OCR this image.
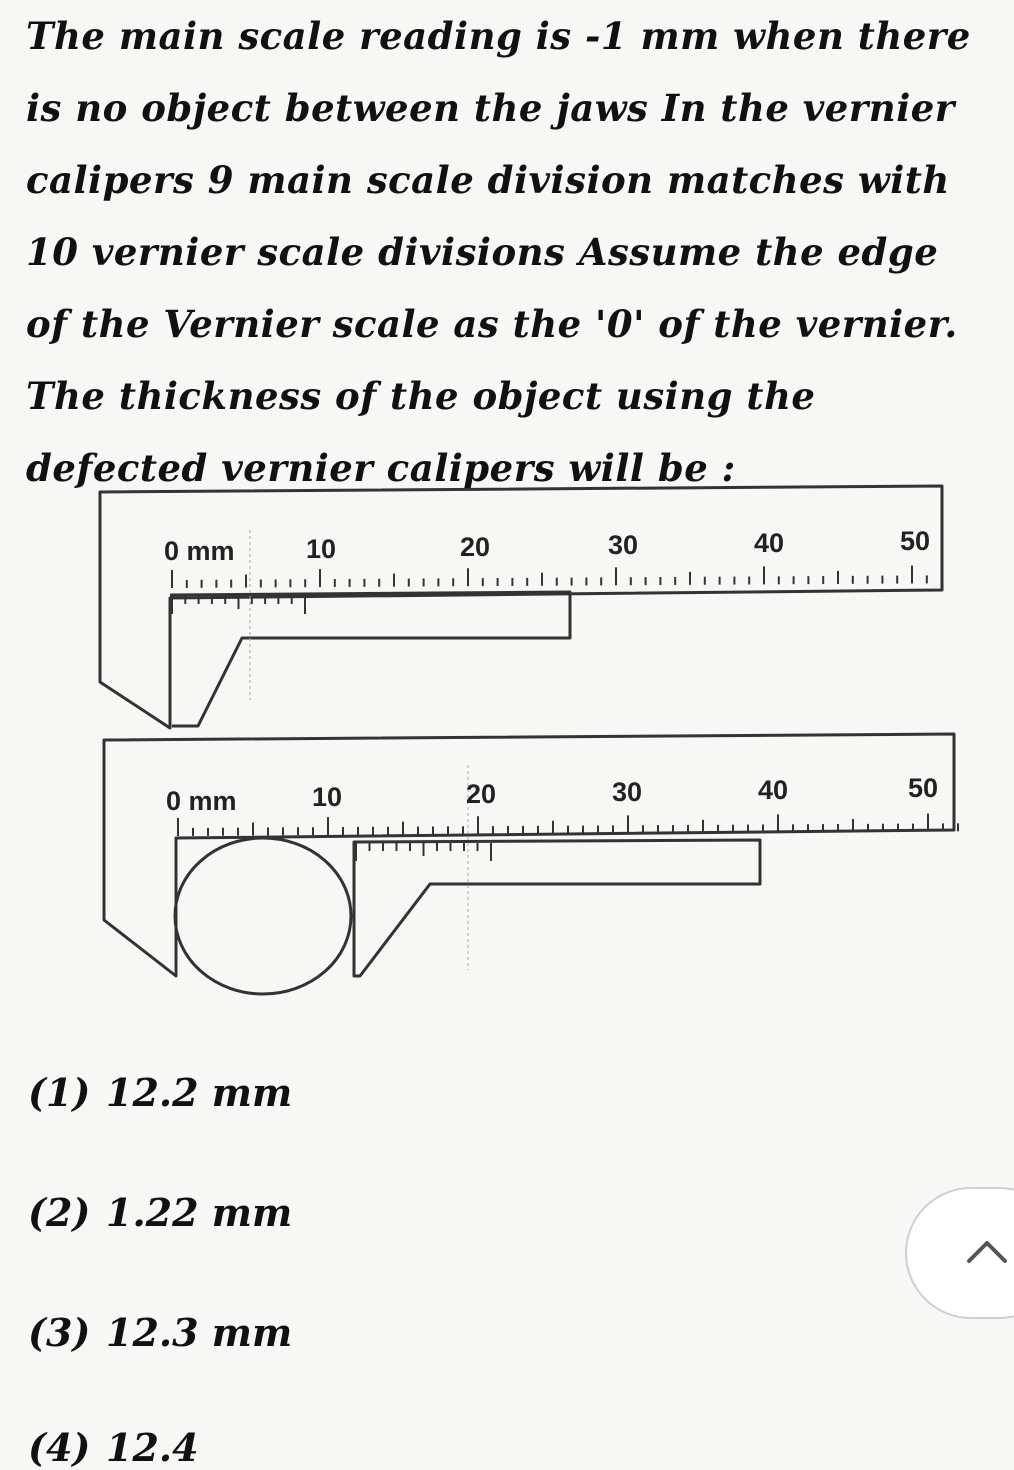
The main scale reading is -1 mm when there is no object between the jaws In the vernier calipers 9 main scale division matches with 10 vernier scale divisions Assume the edge of the Vernier scale as the '0' of the vernier. The thickness of the object using the defected vernier calipers will be :

0 mm	10	20	30	40	50
0 mm	10	20	30	40	50
(1) 12.2 mm
(2) 1.22 mm
(3) 12.3 mm
(4) 12.4
